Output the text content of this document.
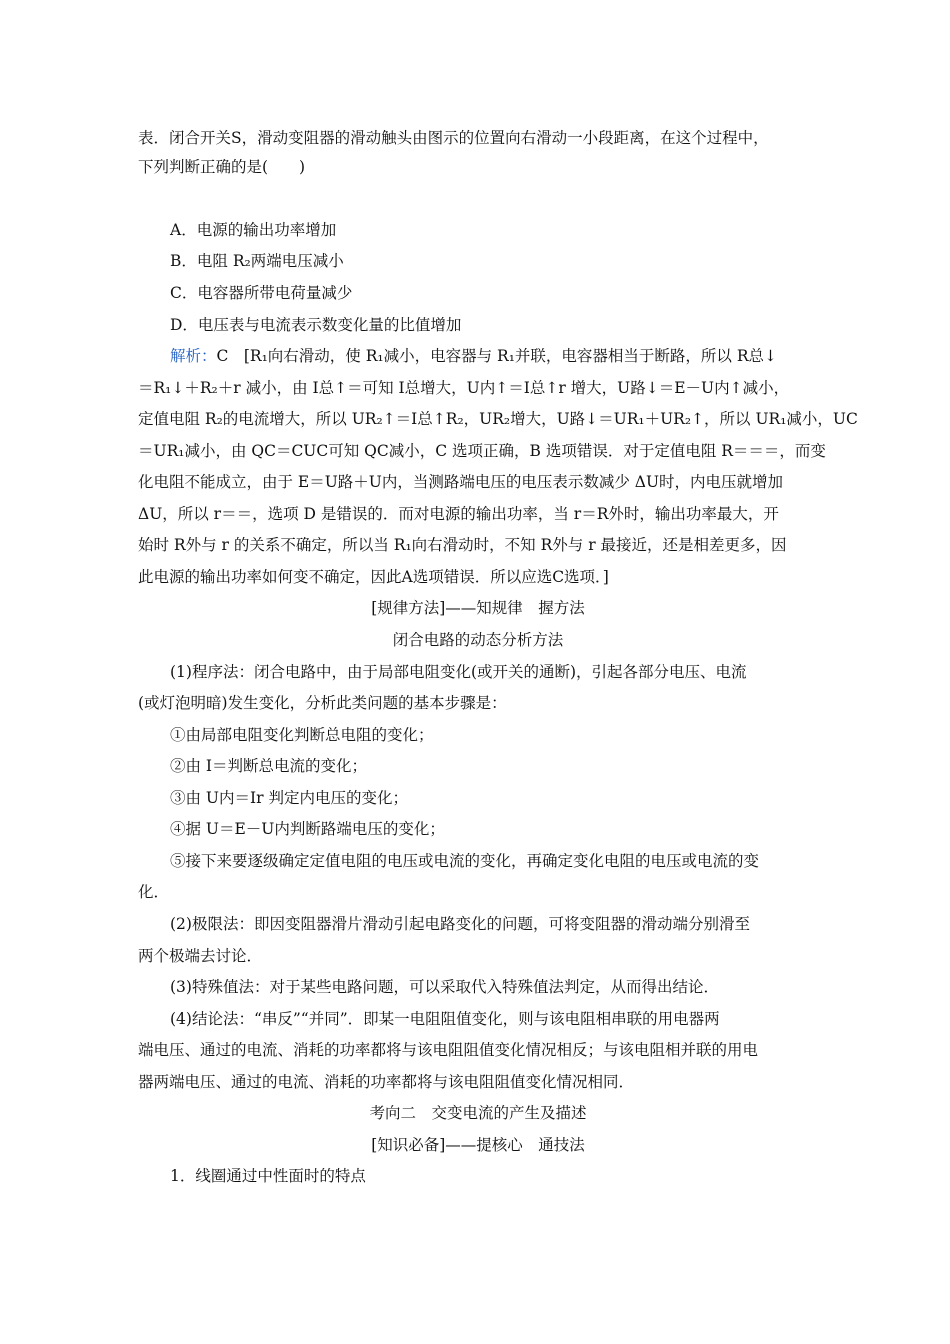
表．闭合开关S，滑动变阻器的滑动触头由图示的位置向右滑动一小段距离，在这个过程中，
下列判断正确的是(　　)
A．电源的输出功率增加
B．电阻 R₂两端电压减小
C．电容器所带电荷量减少
D．电压表与电流表示数变化量的比值增加
解析：C　[R₁向右滑动，使 R₁减小，电容器与 R₁并联，电容器相当于断路，所以 R总↓
＝R₁↓＋R₂＋r 减小，由 I总↑＝可知 I总增大，U内↑＝I总↑r 增大，U路↓＝E－U内↑减小，
定值电阻 R₂的电流增大，所以 UR₂↑＝I总↑R₂，UR₂增大，U路↓＝UR₁＋UR₂↑，所以 UR₁减小，UC
＝UR₁减小，由 QC＝CUC可知 QC减小，C 选项正确，B 选项错误．对于定值电阻 R＝＝＝，而变
化电阻不能成立，由于 E＝U路＋U内，当测路端电压的电压表示数减少 ΔU时，内电压就增加
ΔU，所以 r＝＝，选项 D 是错误的．而对电源的输出功率，当 r＝R外时，输出功率最大，开
始时 R外与 r 的关系不确定，所以当 R₁向右滑动时，不知 R外与 r 最接近，还是相差更多，因
此电源的输出功率如何变不确定，因此A选项错误．所以应选C选项．]
[规律方法]——知规律　握方法
闭合电路的动态分析方法
(1)程序法：闭合电路中，由于局部电阻变化(或开关的通断)，引起各部分电压、电流
(或灯泡明暗)发生变化，分析此类问题的基本步骤是：
①由局部电阻变化判断总电阻的变化；
②由 I＝判断总电流的变化；
③由 U内＝Ir 判定内电压的变化；
④据 U＝E－U内判断路端电压的变化；
⑤接下来要逐级确定定值电阻的电压或电流的变化，再确定变化电阻的电压或电流的变
化．
(2)极限法：即因变阻器滑片滑动引起电路变化的问题，可将变阻器的滑动端分别滑至
两个极端去讨论．
(3)特殊值法：对于某些电路问题，可以采取代入特殊值法判定，从而得出结论．
(4)结论法：“串反”“并同”．即某一电阻阻值变化，则与该电阻相串联的用电器两
端电压、通过的电流、消耗的功率都将与该电阻阻值变化情况相反；与该电阻相并联的用电
器两端电压、通过的电流、消耗的功率都将与该电阻阻值变化情况相同．
考向二　交变电流的产生及描述
[知识必备]——提核心　通技法
1．线圈通过中性面时的特点
